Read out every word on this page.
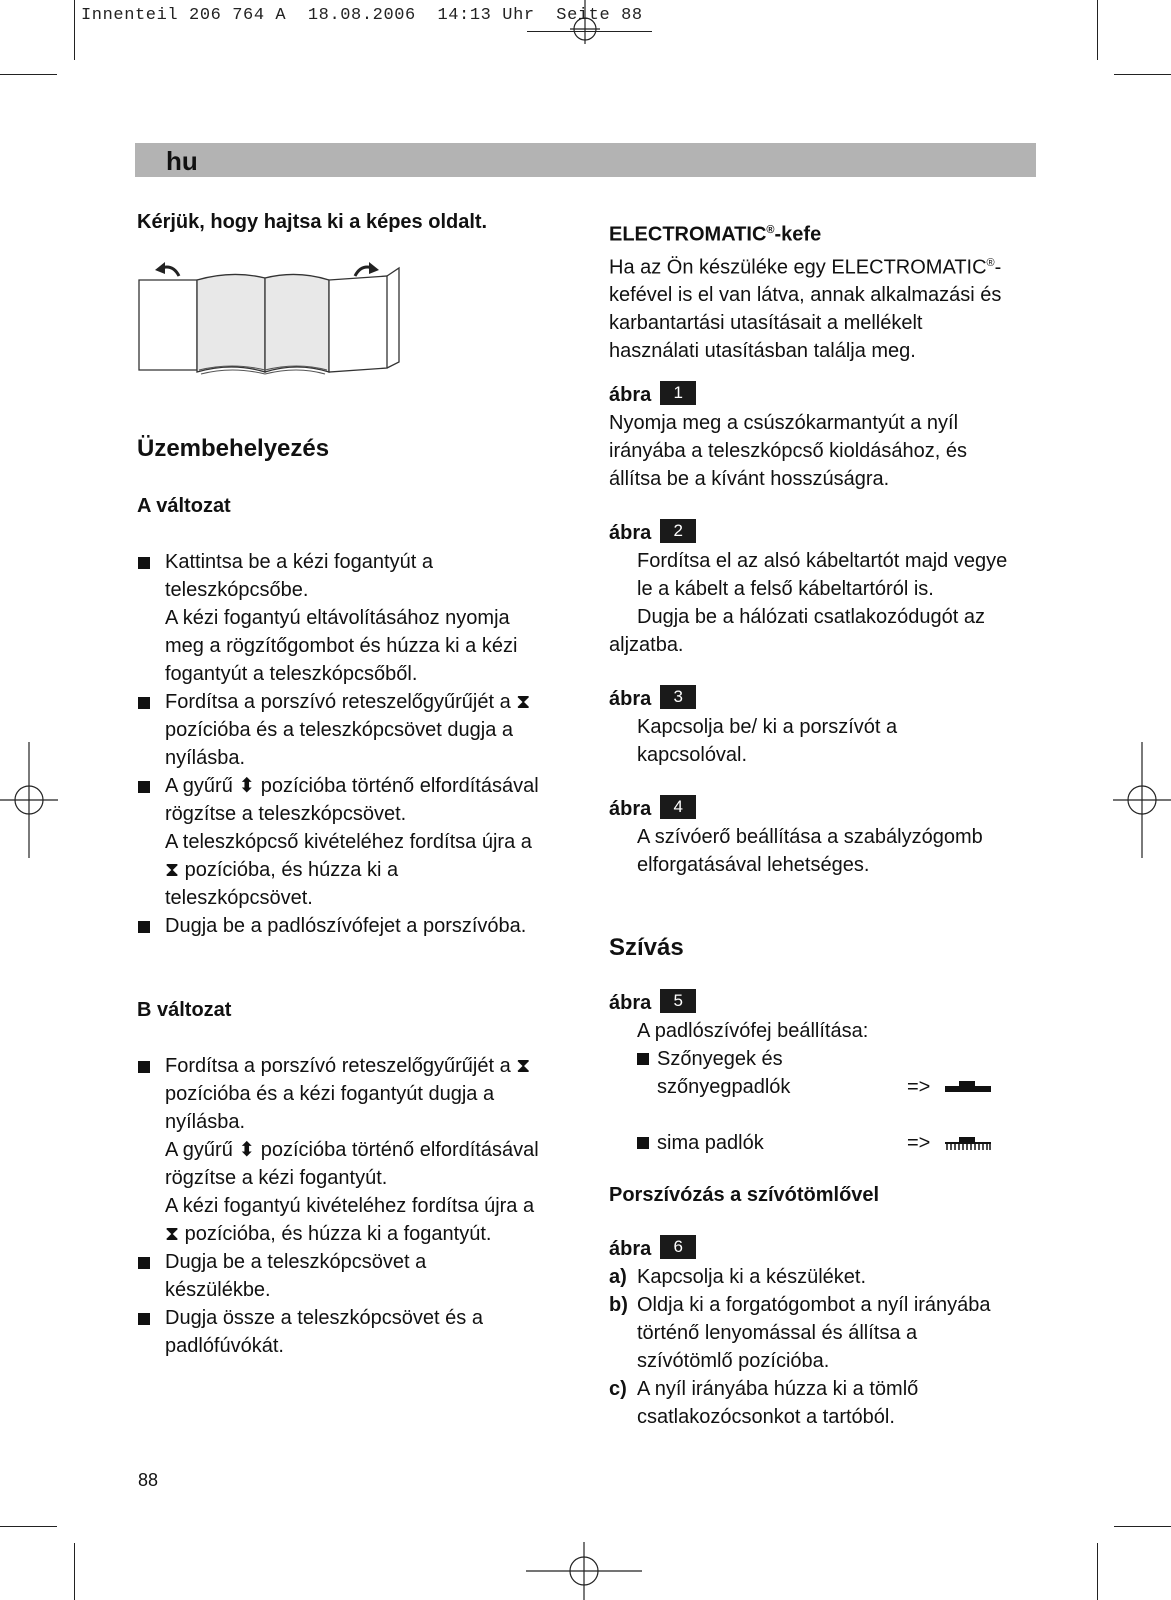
Innenteil 206 764 A  18.08.2006  14:13 Uhr  Seite 88
hu
Kérjük, hogy hajtsa ki a képes oldalt.
Üzembehelyezés
A változat
Kattintsa be a kézi fogantyút a
teleszkópcsőbe.
A kézi fogantyú eltávolításához nyomja
meg a rögzítőgombot és húzza ki a kézi
fogantyút a teleszkópcsőből.
Fordítsa a porszívó reteszelőgyűrűjét a ⧗
pozícióba és a teleszkópcsövet dugja a
nyílásba.
A gyűrű ⬍ pozícióba történő elfordításával
rögzítse a teleszkópcsövet.
A teleszkópcső kivételéhez fordítsa újra a
⧗ pozícióba, és húzza ki a
teleszkópcsövet.
Dugja be a padlószívófejet a porszívóba.
B változat
Fordítsa a porszívó reteszelőgyűrűjét a ⧗
pozícióba és a kézi fogantyút dugja a
nyílásba.
A gyűrű ⬍ pozícióba történő elfordításával
rögzítse a kézi fogantyút.
A kézi fogantyú kivételéhez fordítsa újra a
⧗ pozícióba, és húzza ki a fogantyút.
Dugja be a teleszkópcsövet a
készülékbe.
Dugja össze a teleszkópcsövet és a
padlófúvókát.
ELECTROMATIC®-kefe
Ha az Ön készüléke egy ELECTROMATIC®-
kefével is el van látva, annak alkalmazási és
karbantartási utasításait a mellékelt
használati utasításban találja meg.
ábra	1
Nyomja meg a csúszókarmantyút a nyíl
irányába a teleszkópcső kioldásához, és
állítsa be a kívánt hosszúságra.
ábra	2
Fordítsa el az alsó kábeltartót majd vegye
le a kábelt a felső kábeltartóról is.
Dugja be a hálózati csatlakozódugót az
aljzatba.
ábra	3
Kapcsolja be/ ki a porszívót a
kapcsolóval.
ábra	4
A szívóerő beállítása a szabályzógomb
elforgatásával lehetséges.
Szívás
ábra	5
A padlószívófej beállítása:
Szőnyegek és
szőnyegpadlók	=>
sima padlók	=>
Porszívózás a szívótömlővel
ábra	6
a) Kapcsolja ki a készüléket.
b) Oldja ki a forgatógombot a nyíl irányába
történő lenyomással és állítsa a
szívótömlő pozícióba.
c) A nyíl irányába húzza ki a tömlő
csatlakozócsonkot a tartóból.
88
